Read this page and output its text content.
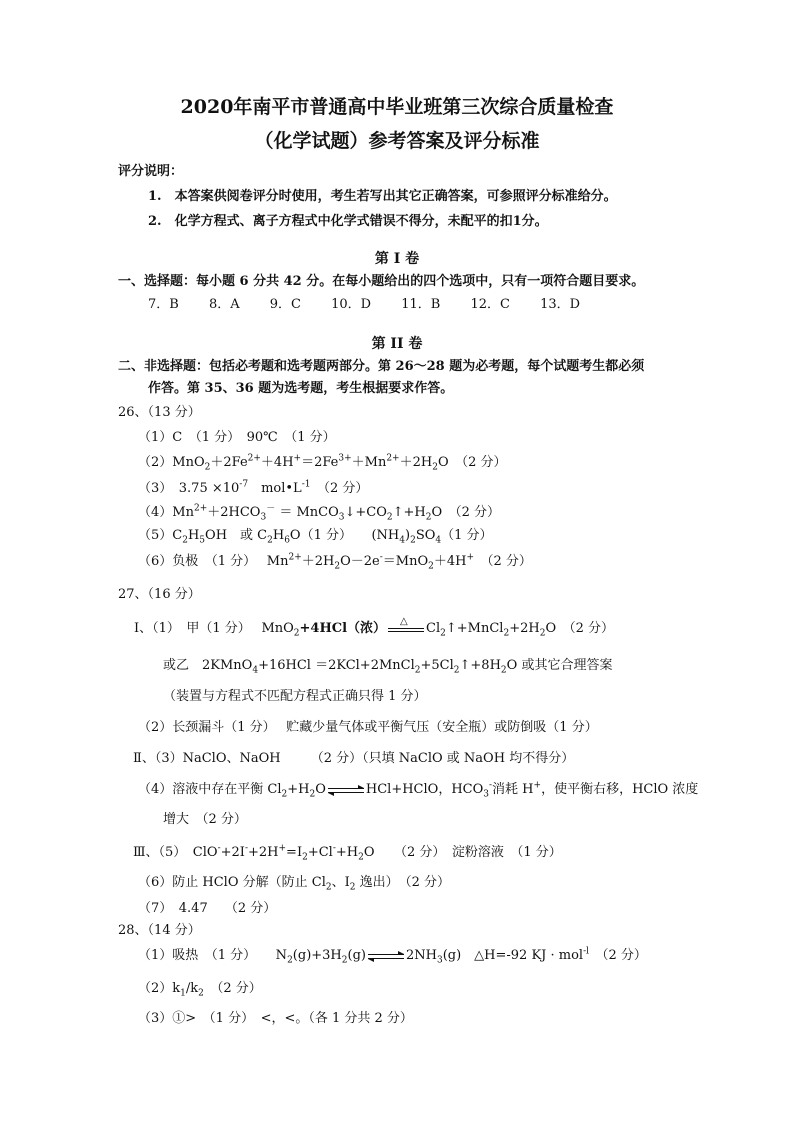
2020年南平市普通高中毕业班第三次综合质量检查
（化学试题）参考答案及评分标准
评分说明：
1.　本答案供阅卷评分时使用，考生若写出其它正确答案，可参照评分标准给分。
2.　化学方程式、离子方程式中化学式错误不得分，未配平的扣1分。
第 I 卷
一、选择题：每小题 6 分共 42 分。在每小题给出的四个选项中，只有一项符合题目要求。
7．B 8．A 9．C 10．D 11．B 12．C 13．D
第 II 卷
二、非选择题：包括必考题和选考题两部分。第 26～28 题为必考题，每个试题考生都必须
作答。第 35、36 题为选考题，考生根据要求作答。
26、（13 分）
（1）C　（1 分）　90℃　（1 分）
$(2)MnO_2+2Fe^{2+}+4H^+=2Fe^{3+}+Mn^{2+}+2H_2O$　（2 分）
（3）　$3.75 \times 10^{-7}$　$mol•L^{-1}$　（2 分）
$(4)Mn^{2+}+2HCO_3^-$ ＝ $MnCO_3↓+CO_2↑+H_2O$　（2 分）
$(5)C_2H_5OH$　或 $C_2H_6O(1$ 分）　　$(NH_4)_2SO_4(1$ 分）
（6）负极　（1 分）　 $Mn^{2+}+2H_2O-2e^-=MnO_2+4H^+$　（2 分）
27、（16 分）
I、（1）　甲（1 分）　 MnO$_2$+4HCl（浓） △ $Cl_2↑+MnCl_2+2H_2O$　（2 分）
或乙　2KMnO$_4$+16HCl $=2KCl+2MnCl_2+5Cl_2↑+8H_2O$ 或其它合理答案
（装置与方程式不匹配方程式正确只得 1 分）
（2）长颈漏斗（1 分）　 贮藏少量气体或平衡气压（安全瓶）或防倒吸（1 分）
Ⅱ、（3）NaClO、NaOH　　 （2 分）（只填 NaClO 或 NaOH 均不得分）
（4）溶液中存在平衡 $Cl_2+H_2O$	HCl+HClO，$HCO_3^-$消耗 H+，使平衡右移，HClO 浓度
增大　（2 分）
Ⅲ、（5）　$ClO^-+2I^-+2H^+=I_2+Cl^-+H_2O$　　（2 分）　淀粉溶液　（1 分）
（6）防止 HClO 分解（防止 $Cl_2$、$I_2$ 逸出）　（2 分）
（7）　4.47　 （2 分）
28、（14 分）
（1）吸热　（1 分）　　$N_2(g)+3H_2(g)$	$2NH_3(g)$　△H=-92 KJ · mol$^{-l}$　（2 分）
$(2)k_1/k_2$　（2 分）
（3）①>　（1 分）　<，<。（各 1 分共 2 分）
